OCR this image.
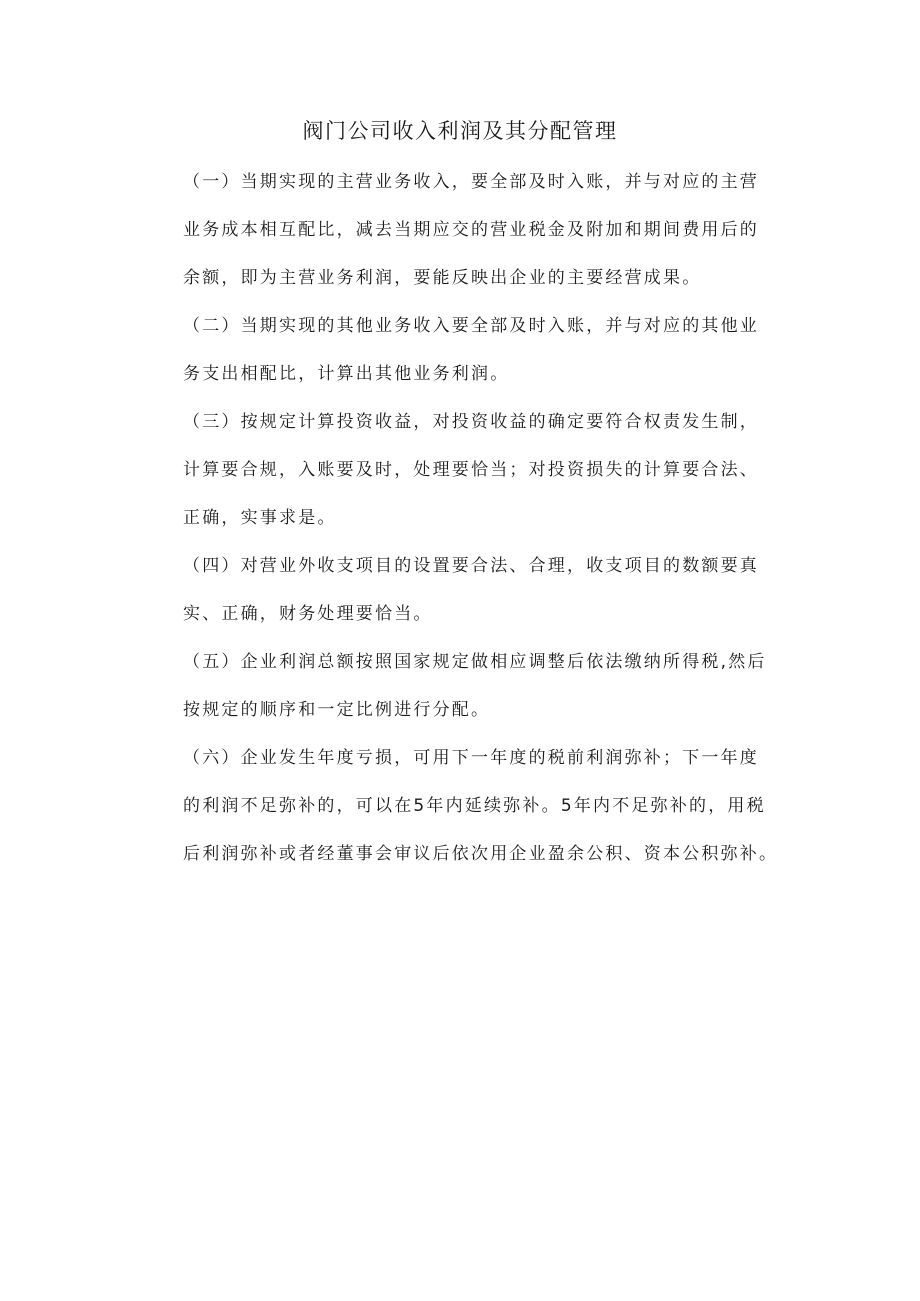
阀门公司收入利润及其分配管理
（一）当期实现的主营业务收入，要全部及时入账，并与对应的主营
业务成本相互配比，减去当期应交的营业税金及附加和期间费用后的
余额，即为主营业务利润，要能反映出企业的主要经营成果。
（二）当期实现的其他业务收入要全部及时入账，并与对应的其他业
务支出相配比，计算出其他业务利润。
（三）按规定计算投资收益，对投资收益的确定要符合权责发生制，
计算要合规，入账要及时，处理要恰当；对投资损失的计算要合法、
正确，实事求是。
（四）对营业外收支项目的设置要合法、合理，收支项目的数额要真
实、正确，财务处理要恰当。
（五）企业利润总额按照国家规定做相应调整后依法缴纳所得税,然后
按规定的顺序和一定比例进行分配。
（六）企业发生年度亏损，可用下一年度的税前利润弥补；下一年度
的利润不足弥补的，可以在5年内延续弥补。5年内不足弥补的，用税
后利润弥补或者经董事会审议后依次用企业盈余公积、资本公积弥补。
